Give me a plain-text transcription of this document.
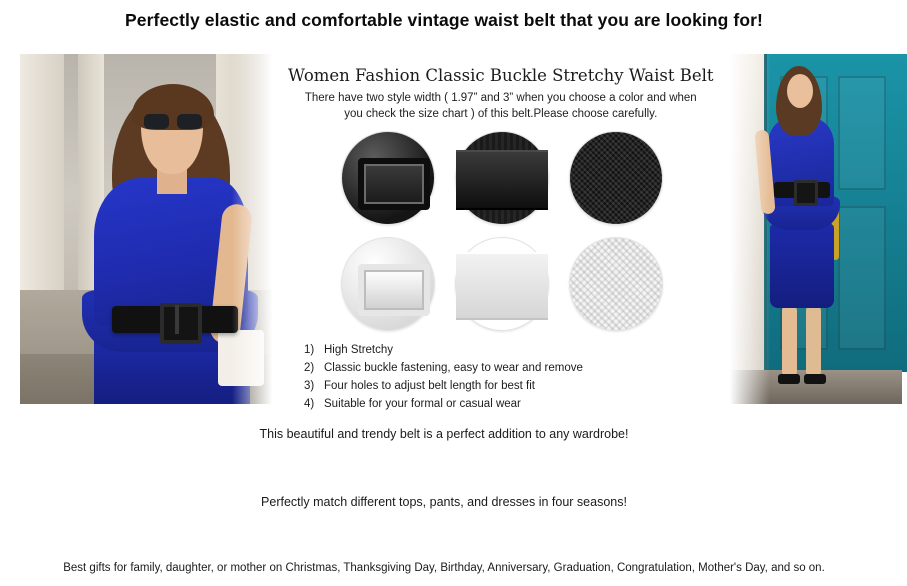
Perfectly elastic and comfortable vintage waist belt that you are looking for!
Women Fashion Classic Buckle Stretchy Waist Belt
There have two style width ( 1.97” and 3” when you choose a color and when you check the size chart ) of this belt.Please choose carefully.
1) High Stretchy
2) Classic buckle fastening, easy to wear and remove
3) Four holes to adjust belt length for best fit
4) Suitable for your formal or casual wear
This beautiful and trendy belt is a perfect addition to any wardrobe!
Perfectly match different tops, pants, and dresses in four seasons!
Best gifts for family, daughter, or mother on Christmas, Thanksgiving Day, Birthday, Anniversary, Graduation, Congratulation, Mother's Day, and so on.
